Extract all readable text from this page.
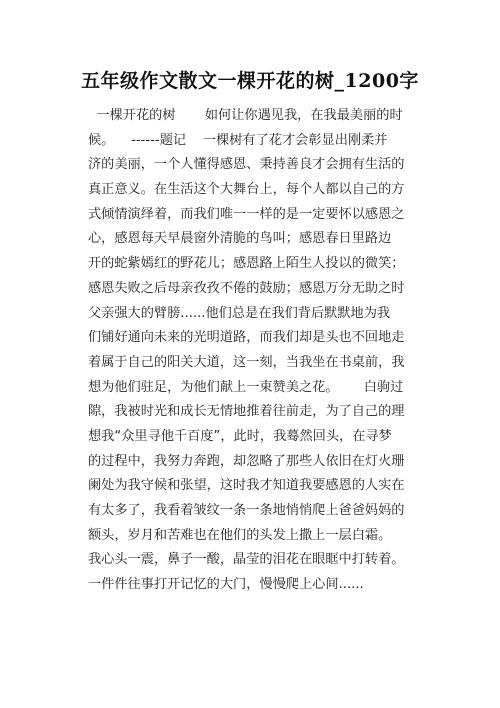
五年级作文散文一棵开花的树_1200字
一棵开花的树       如何让你遇见我，在我最美丽的时
候。    ------题记    一棵树有了花才会彰显出刚柔并
济的美丽，一个人懂得感恩、秉持善良才会拥有生活的
真正意义。在生活这个大舞台上，每个人都以自己的方
式倾情演绎着，而我们唯一一样的是一定要怀以感恩之
心，感恩每天早晨窗外清脆的鸟叫；感恩春日里路边
开的蛇紫嫣红的野花儿；感恩路上陌生人投以的微笑；
感恩失败之后母亲孜孜不倦的鼓励；感恩万分无助之时
父亲强大的臂膀......他们总是在我们背后默默地为我
们铺好通向未来的光明道路，而我们却是头也不回地走
着属于自己的阳关大道，这一刻，当我坐在书桌前，我
想为他们驻足，为他们献上一束赞美之花。      白驹过
隙，我被时光和成长无情地推着往前走，为了自己的理
想我“众里寻他千百度”，此时，我蓦然回头，在寻梦
的过程中，我努力奔跑，却忽略了那些人依旧在灯火珊
阑处为我守候和张望，这时我才知道我要感恩的人实在
有太多了，我看着皱纹一条一条地悄悄爬上爸爸妈妈的
额头，岁月和苦难也在他们的头发上撒上一层白霜。
我心头一震，鼻子一酸，晶莹的泪花在眼眶中打转着。
一件件往事打开记忆的大门，慢慢爬上心间......
